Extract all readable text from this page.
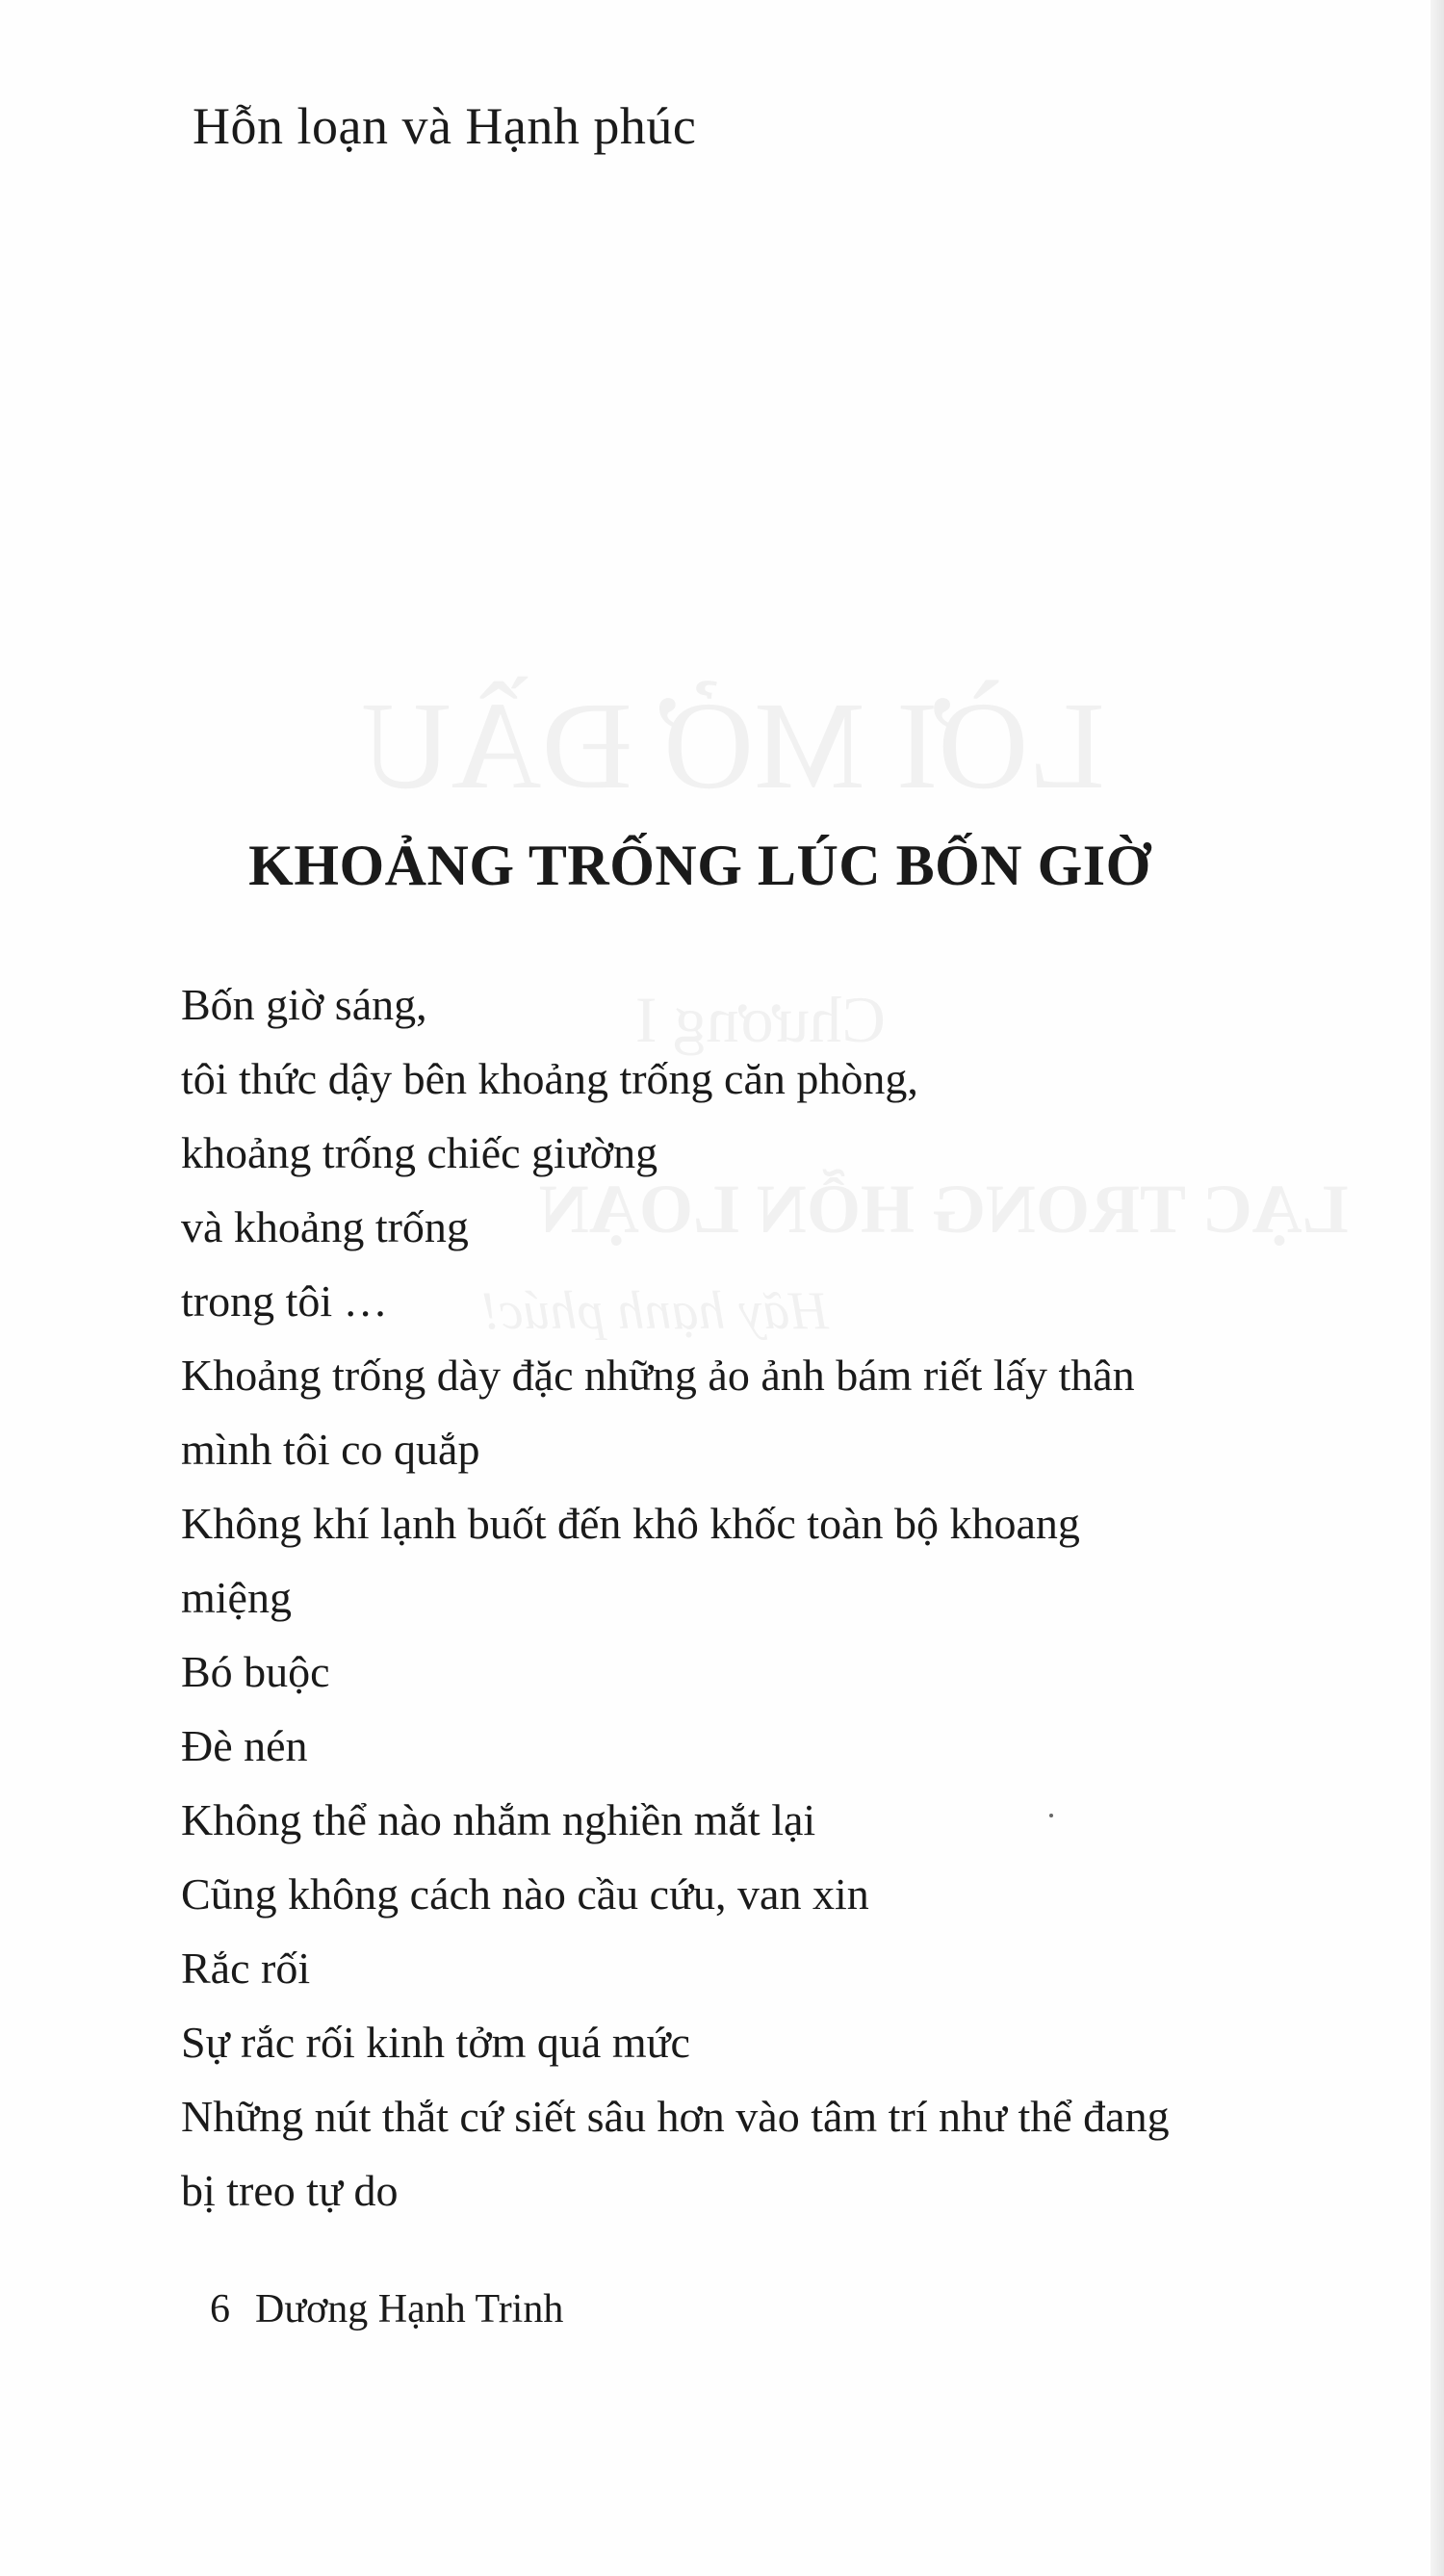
Hỗn loạn và Hạnh phúc
LỜI MỞ ĐẦU
Chương I
LẠC TRONG HỖN LOẠN
Hãy hạnh phúc!
KHOẢNG TRỐNG LÚC BỐN GIỜ
Bốn giờ sáng,
tôi thức dậy bên khoảng trống căn phòng,
khoảng trống chiếc giường
và khoảng trống
trong tôi …
Khoảng trống dày đặc những ảo ảnh bám riết lấy thân
mình tôi co quắp
Không khí lạnh buốt đến khô khốc toàn bộ khoang
miệng
Bó buộc
Đè nén
Không thể nào nhắm nghiền mắt lại
Cũng không cách nào cầu cứu, van xin
Rắc rối
Sự rắc rối kinh tởm quá mức
Những nút thắt cứ siết sâu hơn vào tâm trí như thể đang
bị treo tự do
6 Dương Hạnh Trinh
